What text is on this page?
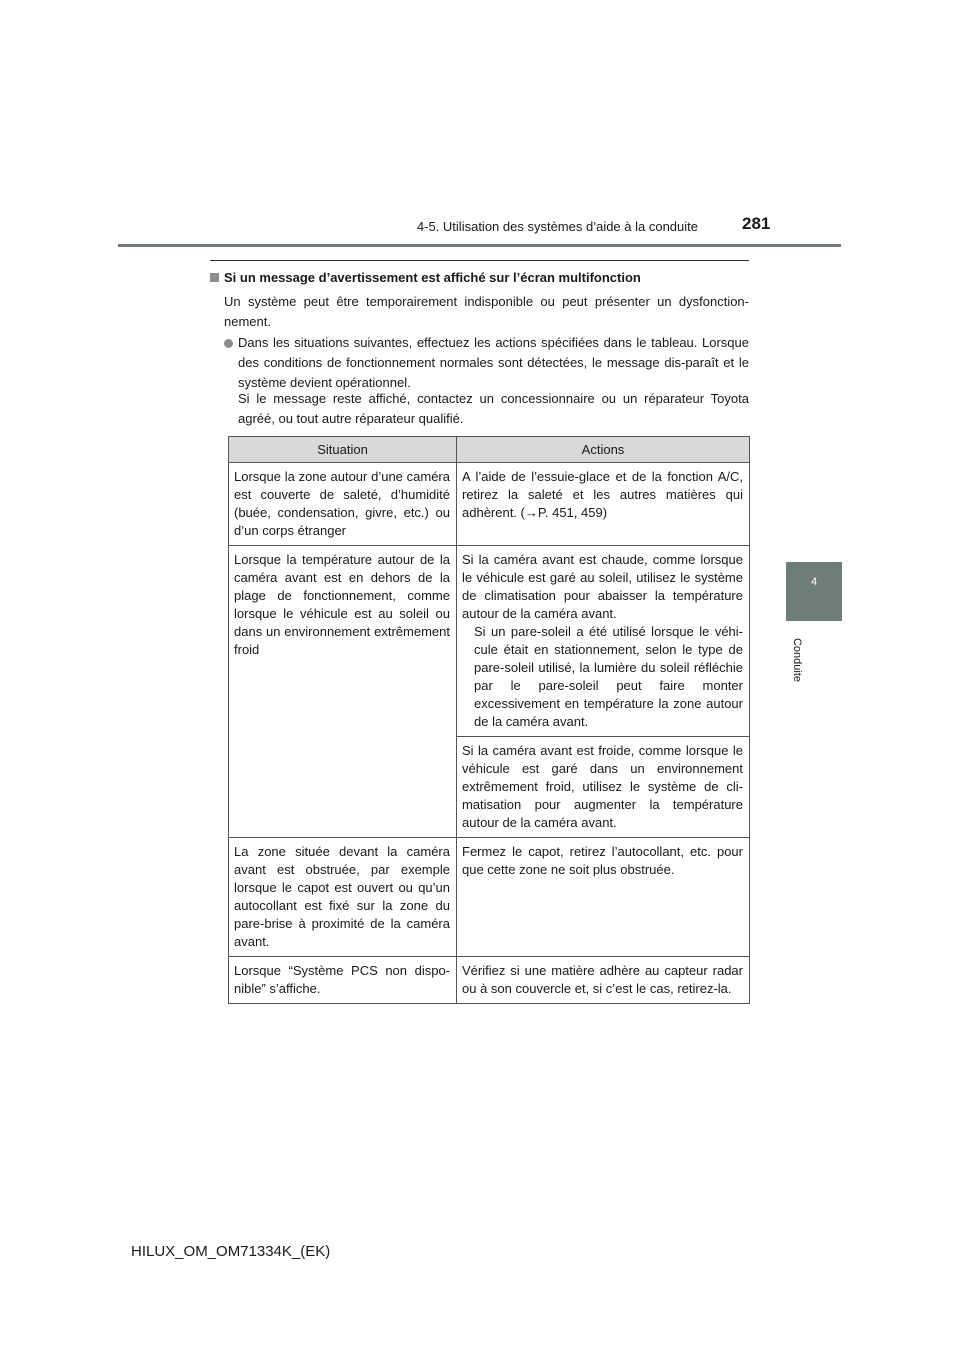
4-5. Utilisation des systèmes d’aide à la conduite	281
4
Conduite
Si un message d’avertissement est affiché sur l’écran multifonction
Un système peut être temporairement indisponible ou peut présenter un dysfonction-nement.
Dans les situations suivantes, effectuez les actions spécifiées dans le tableau. Lorsque des conditions de fonctionnement normales sont détectées, le message dis-paraît et le système devient opérationnel.
Si le message reste affiché, contactez un concessionnaire ou un réparateur Toyota agréé, ou tout autre réparateur qualifié.
Situation	Actions
Lorsque la zone autour d’une caméra est couverte de saleté, d’humidité (buée, condensation, givre, etc.) ou d’un corps étranger	A l’aide de l’essuie-glace et de la fonction A/C, retirez la saleté et les autres matières qui adhèrent. (→P. 451, 459)
Lorsque la température autour de la caméra avant est en dehors de la plage de fonctionnement, comme lorsque le véhicule est au soleil ou dans un environnement extrêmement froid	Si la caméra avant est chaude, comme lorsque le véhicule est garé au soleil, utilisez le système de climatisation pour abaisser la température autour de la caméra avant.
Si un pare-soleil a été utilisé lorsque le véhi-cule était en stationnement, selon le type de pare-soleil utilisé, la lumière du soleil réfléchie par le pare-soleil peut faire monter excessivement en température la zone autour de la caméra avant.

	Si la caméra avant est froide, comme lorsque le véhicule est garé dans un environnement extrêmement froid, utilisez le système de cli-matisation pour augmenter la température autour de la caméra avant.
La zone située devant la caméra avant est obstruée, par exemple lorsque le capot est ouvert ou qu’un autocollant est fixé sur la zone du pare-brise à proximité de la caméra avant.	Fermez le capot, retirez l’autocollant, etc. pour que cette zone ne soit plus obstruée.
Lorsque “Système PCS non dispo-nible” s’affiche.	Vérifiez si une matière adhère au capteur radar ou à son couvercle et, si c’est le cas, retirez-la.
HILUX_OM_OM71334K_(EK)
